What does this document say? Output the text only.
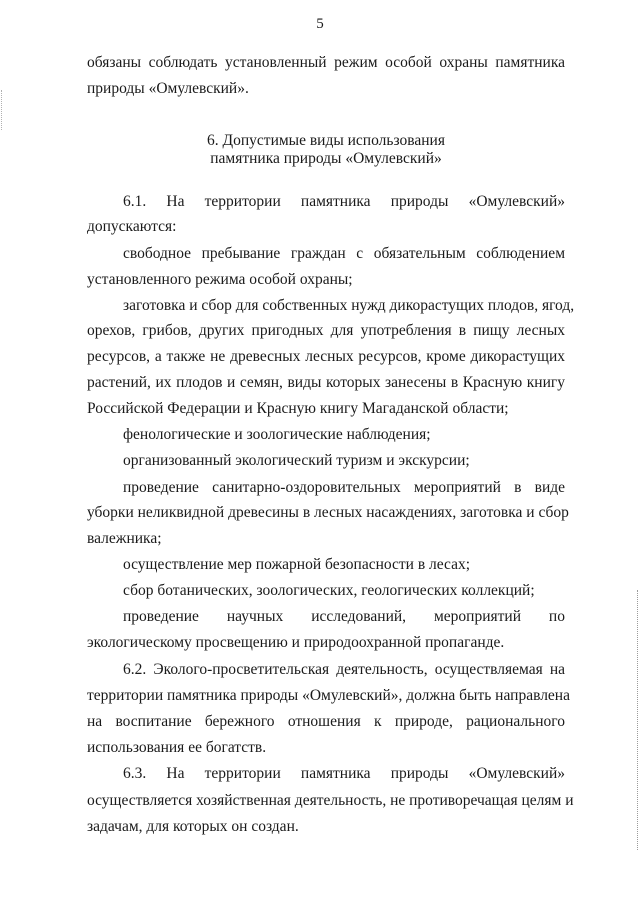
5
обязаны соблюдать установленный режим особой охраны памятника
природы «Омулевский».
6. Допустимые виды использования
памятника природы «Омулевский»
6.1. На территории памятника природы «Омулевский»
допускаются:
свободное пребывание граждан с обязательным соблюдением
установленного режима особой охраны;
заготовка и сбор для собственных нужд дикорастущих плодов, ягод,
орехов, грибов, других пригодных для употребления в пищу лесных
ресурсов, а также не древесных лесных ресурсов, кроме дикорастущих
растений, их плодов и семян, виды которых занесены в Красную книгу
Российской Федерации и Красную книгу Магаданской области;
фенологические и зоологические наблюдения;
организованный экологический туризм и экскурсии;
проведение санитарно-оздоровительных мероприятий в виде
уборки неликвидной древесины в лесных насаждениях, заготовка и сбор
валежника;
осуществление мер пожарной безопасности в лесах;
сбор ботанических, зоологических, геологических коллекций;
проведение научных исследований, мероприятий по
экологическому просвещению и природоохранной пропаганде.
6.2. Эколого-просветительская деятельность, осуществляемая на
территории памятника природы «Омулевский», должна быть направлена
на воспитание бережного отношения к природе, рационального
использования ее богатств.
6.3. На территории памятника природы «Омулевский»
осуществляется хозяйственная деятельность, не противоречащая целям и
задачам, для которых он создан.
